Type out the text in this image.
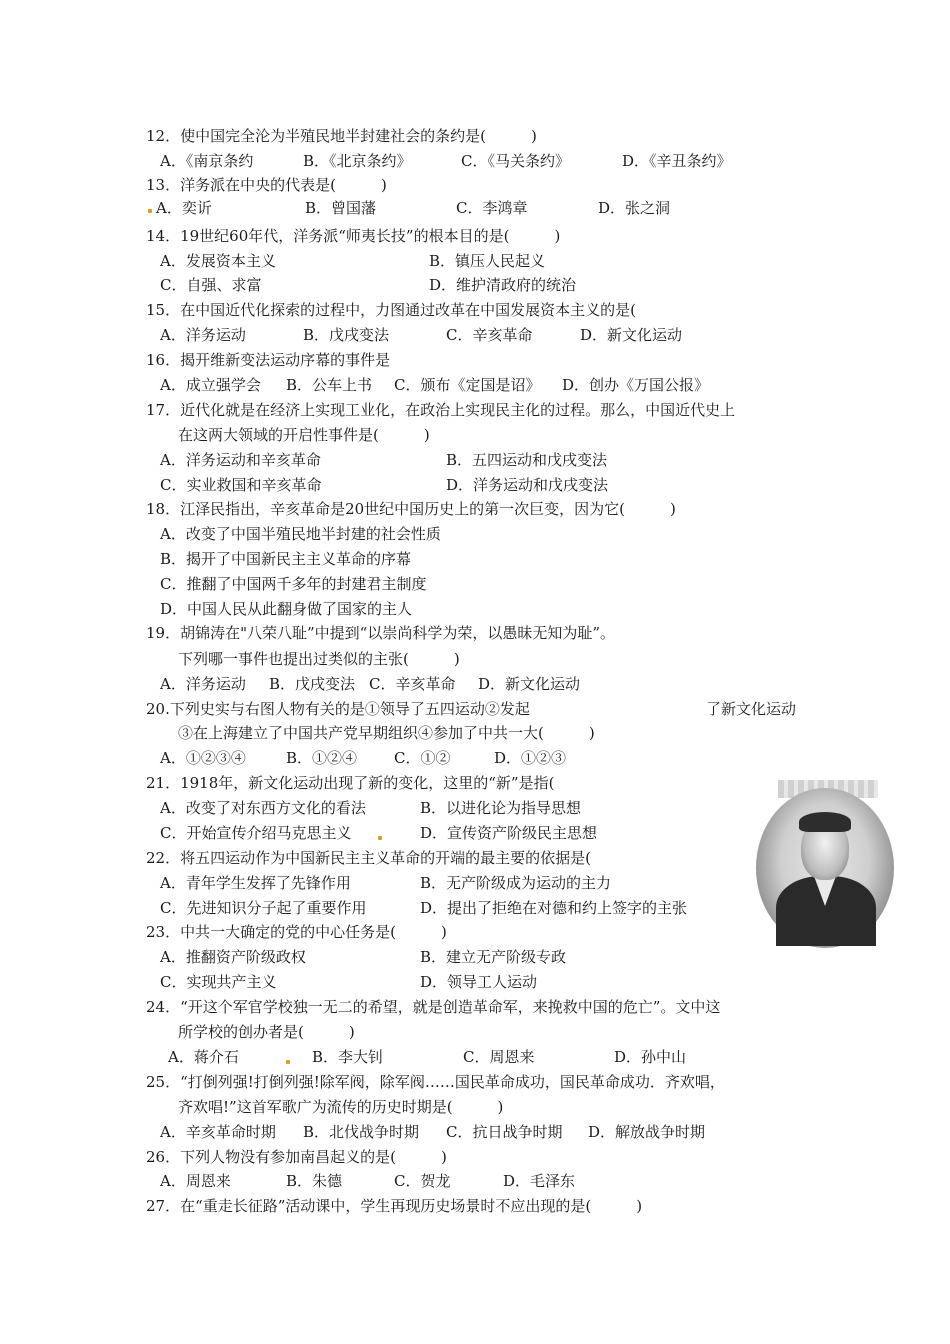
12．使中国完全沦为半殖民地半封建社会的条约是(　　　)
A．《南京条约	B．《北京条约》	C．《马关条约》	D．《辛丑条约》
13．洋务派在中央的代表是(　　　)
A．奕䜣	B．曾国藩	C．李鸿章	D．张之洞
14．19世纪60年代，洋务派“师夷长技”的根本目的是(　　　)
A．发展资本主义	B．镇压人民起义
C．自强、求富	D．维护清政府的统治
15．在中国近代化探索的过程中，力图通过改革在中国发展资本主义的是(
A．洋务运动	B．戊戌变法	C．辛亥革命	D．新文化运动
16．揭开维新变法运动序幕的事件是
A．成立强学会 B．公车上书 C．颁布《定国是诏》 D．创办《万国公报》
17．近代化就是在经济上实现工业化，在政治上实现民主化的过程。那么，中国近代史上
在这两大领域的开启性事件是(　　　)
A．洋务运动和辛亥革命	B．五四运动和戊戌变法
C．实业救国和辛亥革命	D．洋务运动和戊戌变法
18．江泽民指出，辛亥革命是20世纪中国历史上的第一次巨变，因为它(　　　)
A．改变了中国半殖民地半封建的社会性质
B．揭开了中国新民主主义革命的序幕
C．推翻了中国两千多年的封建君主制度
D．中国人民从此翻身做了国家的主人
19．胡锦涛在"八荣八耻”中提到“以崇尚科学为荣，以愚昧无知为耻”。
下列哪一事件也提出过类似的主张(　　　)
A．洋务运动 B．戊戌变法 C．辛亥革命 D．新文化运动
20.下列史实与右图人物有关的是①领导了五四运动②发起	了新文化运动
③在上海建立了中国共产党早期组织④参加了中共一大(　　　)
A．①②③④	B．①②④ C．①②	D．①②③
21．1918年，新文化运动出现了新的变化，这里的“新”是指(
A．改变了对东西方文化的看法	B．以进化论为指导思想
C．开始宣传介绍马克思主义	D．宣传资产阶级民主思想
22．将五四运动作为中国新民主主义革命的开端的最主要的依据是(
A．青年学生发挥了先锋作用	B．无产阶级成为运动的主力
C．先进知识分子起了重要作用	D．提出了拒绝在对德和约上签字的主张
23．中共一大确定的党的中心任务是(　　　)
A．推翻资产阶级政权	B．建立无产阶级专政
C．实现共产主义	D．领导工人运动
24．“开这个军官学校独一无二的希望，就是创造革命军，来挽救中国的危亡”。文中这
所学校的创办者是(　　　)
A．蒋介石	B．李大钊	C．周恩来	D．孙中山
25．“打倒列强!打倒列强!除军阀，除军阀……国民革命成功，国民革命成功．齐欢唱，
齐欢唱!”这首军歌广为流传的历史时期是(　　　)
A．辛亥革命时期 B．北伐战争时期 C．抗日战争时期 D．解放战争时期
26．下列人物没有参加南昌起义的是(　　　)
A．周恩来	B．朱德	C．贺龙	D．毛泽东
27．在“重走长征路”活动课中，学生再现历史场景时不应出现的是(　　　)
